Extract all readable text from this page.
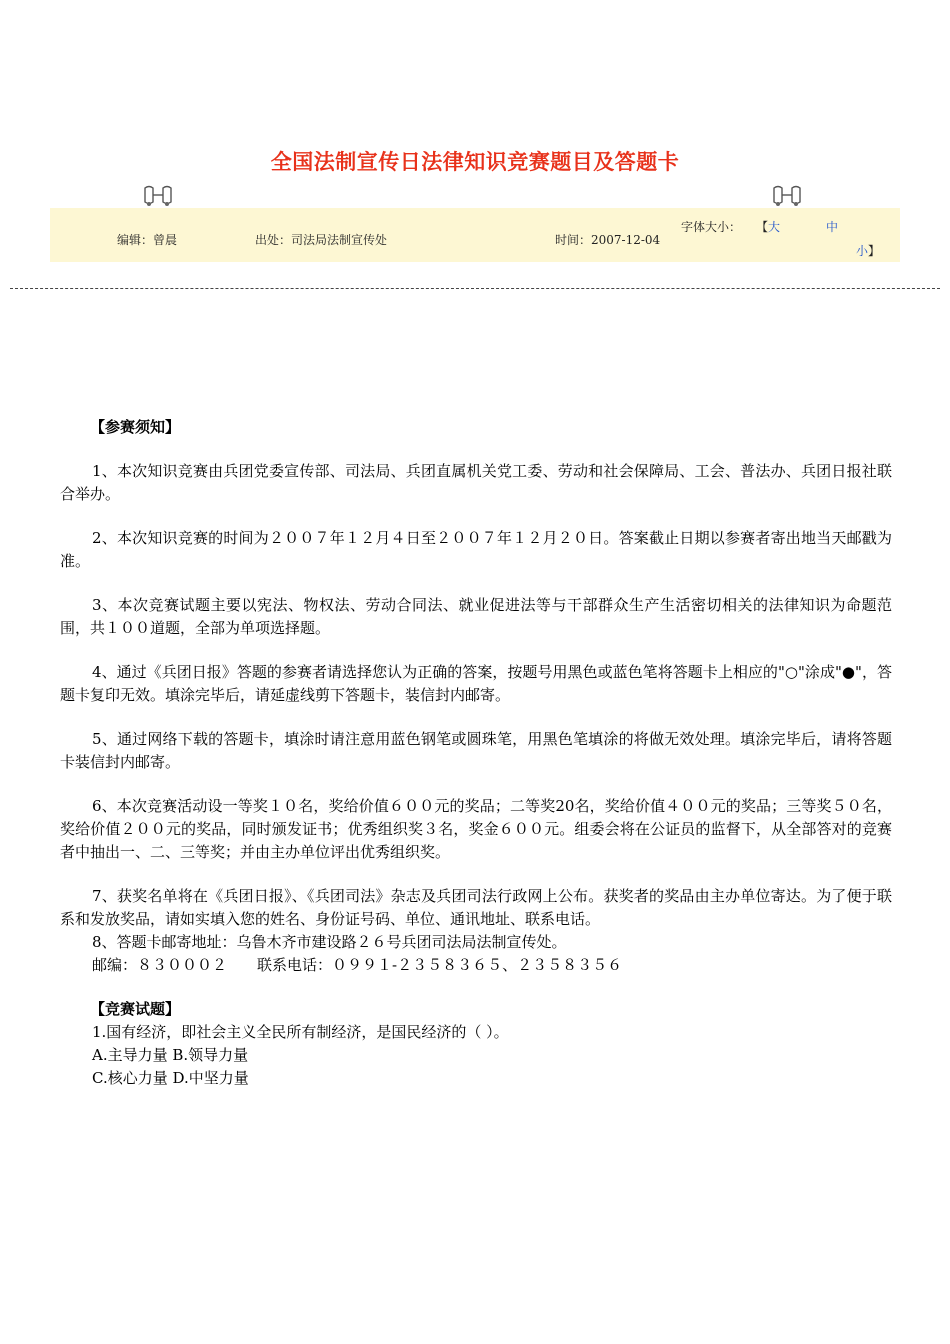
全国法制宣传日法律知识竞赛题目及答题卡
编辑：曾晨	出处：司法局法制宣传处	时间：2007-12-04
字体大小： 【 大	中
小 】

【参赛须知】

1、本次知识竞赛由兵团党委宣传部、司法局、兵团直属机关党工委、劳动和社会保障局、工会、普法办、兵团日报社联合举办。

2、本次知识竞赛的时间为２００７年１２月４日至２００７年１２月２０日。答案截止日期以参赛者寄出地当天邮戳为准。

3、本次竞赛试题主要以宪法、物权法、劳动合同法、就业促进法等与干部群众生产生活密切相关的法律知识为命题范围，共１００道题，全部为单项选择题。

4、通过《兵团日报》答题的参赛者请选择您认为正确的答案，按题号用黑色或蓝色笔将答题卡上相应的"○"涂成"●"，答题卡复印无效。填涂完毕后，请延虚线剪下答题卡，装信封内邮寄。

5、通过网络下载的答题卡，填涂时请注意用蓝色钢笔或圆珠笔，用黑色笔填涂的将做无效处理。填涂完毕后，请将答题卡装信封内邮寄。

6、本次竞赛活动设一等奖１０名，奖给价值６００元的奖品；二等奖20名，奖给价值４００元的奖品；三等奖５０名，奖给价值２００元的奖品，同时颁发证书；优秀组织奖３名，奖金６００元。组委会将在公证员的监督下，从全部答对的竞赛者中抽出一、二、三等奖；并由主办单位评出优秀组织奖。

7、获奖名单将在《兵团日报》、《兵团司法》杂志及兵团司法行政网上公布。获奖者的奖品由主办单位寄达。为了便于联系和发放奖品，请如实填入您的姓名、身份证号码、单位、通讯地址、联系电话。

8、答题卡邮寄地址：乌鲁木齐市建设路２６号兵团司法局法制宣传处。

邮编：８３０００２　　联系电话：０９９１-２３５８３６５、２３５８３５６

【竞赛试题】

1.国有经济，即社会主义全民所有制经济，是国民经济的（ ）。

A.主导力量 B.领导力量

C.核心力量 D.中坚力量
